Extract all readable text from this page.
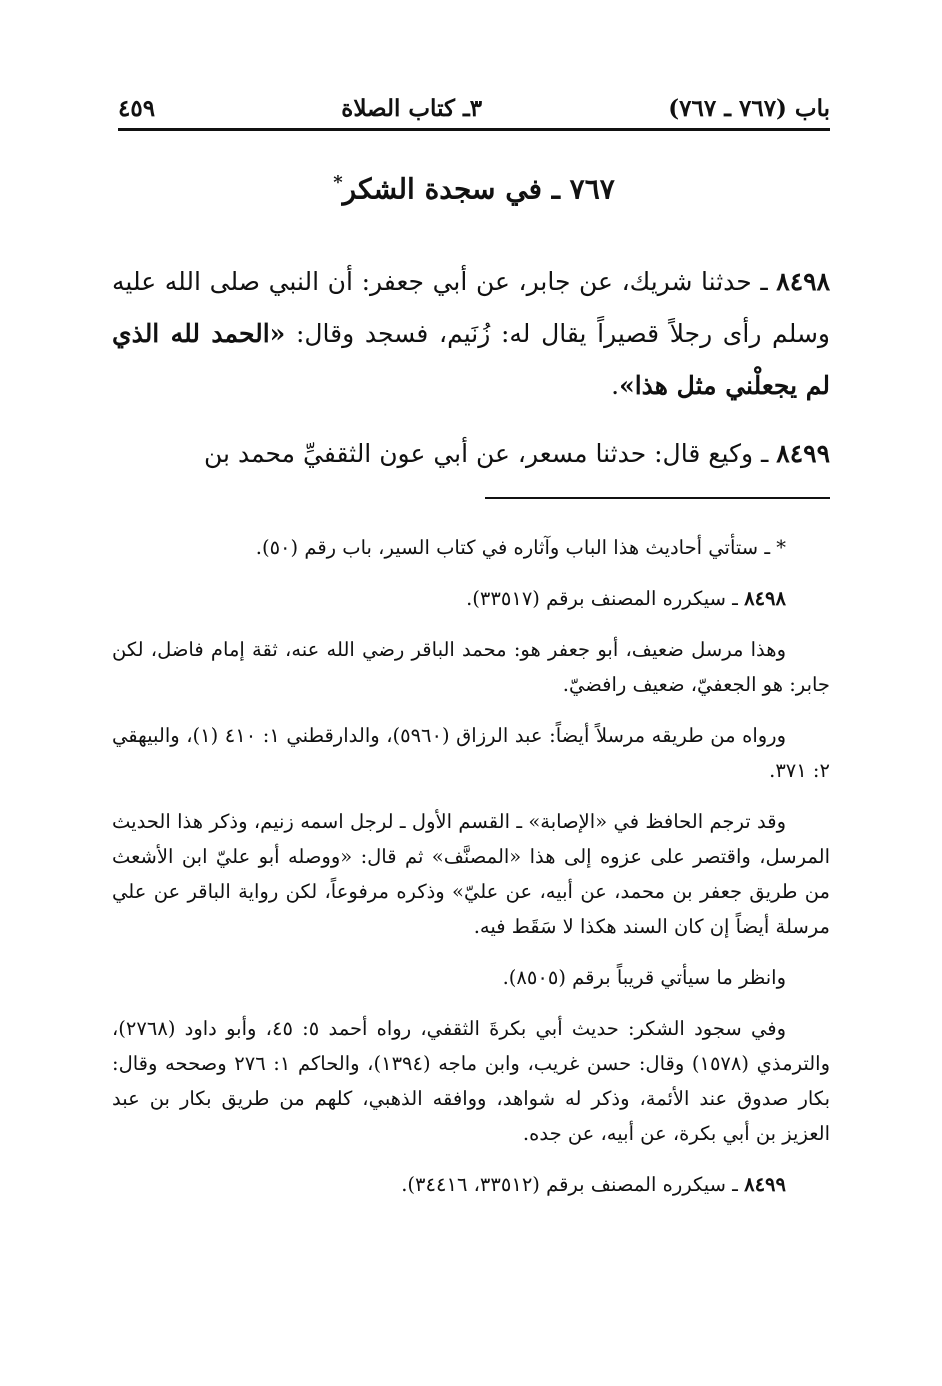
باب (٧٦٧ ـ ٧٦٧)
٣ـ كتاب الصلاة
٤٥٩
٧٦٧ ـ في سجدة الشكر*
٨٤٩٨ ـ حدثنا شريك، عن جابر، عن أبي جعفر: أن النبي صلى الله عليه وسلم رأى رجلاً قصيراً يقال له: زُنَيم، فسجد وقال: «الحمد لله الذي لم يجعلْني مثل هذا».
٨٤٩٩ ـ وكيع قال: حدثنا مسعر، عن أبي عون الثقفيِّ محمد بن

* ـ ستأتي أحاديث هذا الباب وآثاره في كتاب السير، باب رقم (٥٠).

٨٤٩٨ ـ سيكرره المصنف برقم (٣٣٥١٧).

وهذا مرسل ضعيف، أبو جعفر هو: محمد الباقر رضي الله عنه، ثقة إمام فاضل، لكن جابر: هو الجعفيّ، ضعيف رافضيّ.

ورواه من طريقه مرسلاً أيضاً: عبد الرزاق (٥٩٦٠)، والدارقطني ١: ٤١٠ (١)، والبيهقي ٢: ٣٧١.

وقد ترجم الحافظ في «الإصابة» ـ القسم الأول ـ لرجل اسمه زنيم، وذكر هذا الحديث المرسل، واقتصر على عزوه إلى هذا «المصنَّف» ثم قال: «ووصله أبو عليّ ابن الأشعث من طريق جعفر بن محمد، عن أبيه، عن عليّ» وذكره مرفوعاً، لكن رواية الباقر عن علي مرسلة أيضاً إن كان السند هكذا لا سَقَط فيه.

وانظر ما سيأتي قريباً برقم (٨٥٠٥).

وفي سجود الشكر: حديث أبي بكرةَ الثقفي، رواه أحمد ٥: ٤٥، وأبو داود (٢٧٦٨)، والترمذي (١٥٧٨) وقال: حسن غريب، وابن ماجه (١٣٩٤)، والحاكم ١: ٢٧٦ وصححه وقال: بكار صدوق عند الأئمة، وذكر له شواهد، ووافقه الذهبي، كلهم من طريق بكار بن عبد العزيز بن أبي بكرة، عن أبيه، عن جده.

٨٤٩٩ ـ سيكرره المصنف برقم (٣٣٥١٢، ٣٤٤١٦).
